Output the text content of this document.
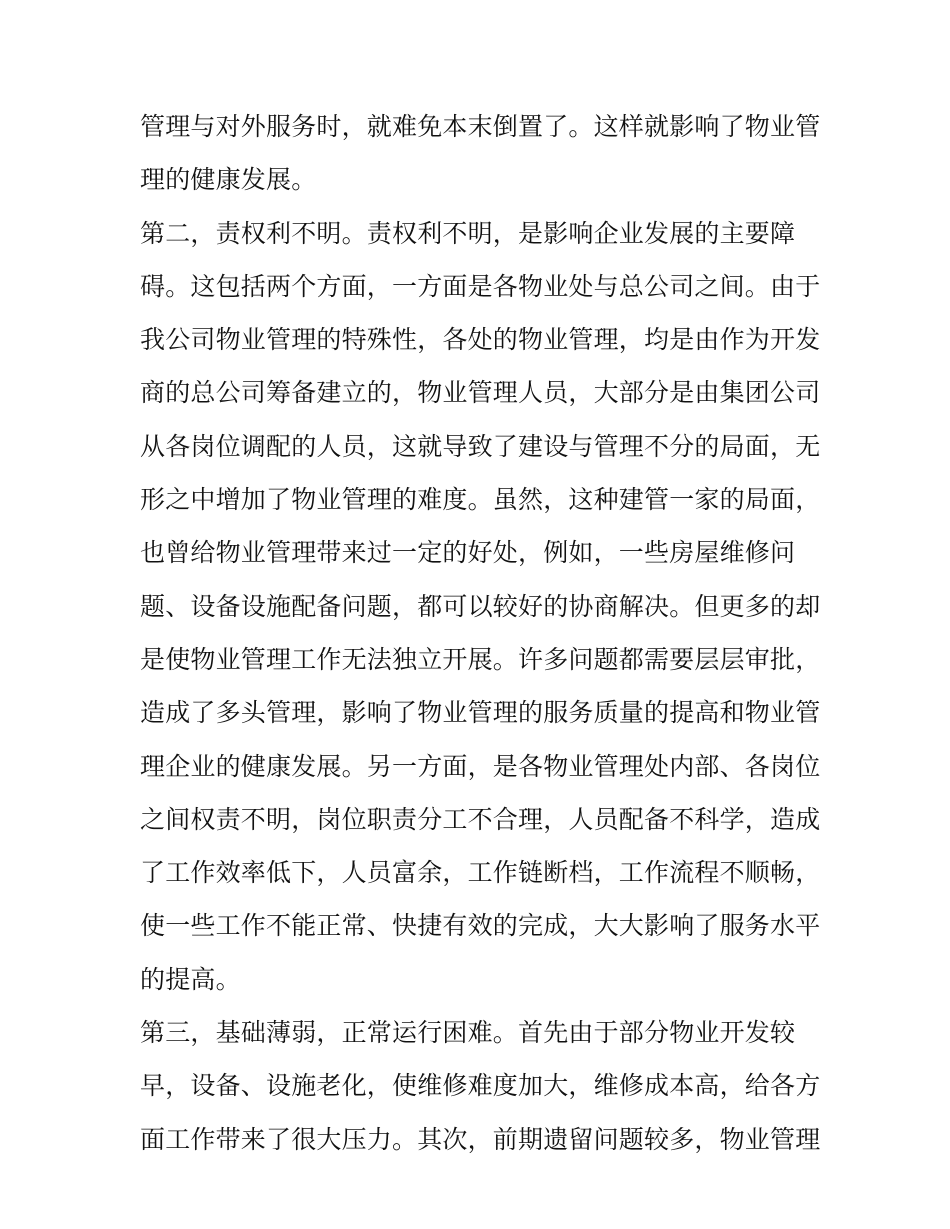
管理与对外服务时，就难免本末倒置了。这样就影响了物业管
理的健康发展。
第二，责权利不明。责权利不明，是影响企业发展的主要障
碍。这包括两个方面，一方面是各物业处与总公司之间。由于
我公司物业管理的特殊性，各处的物业管理，均是由作为开发
商的总公司筹备建立的，物业管理人员，大部分是由集团公司
从各岗位调配的人员，这就导致了建设与管理不分的局面，无
形之中增加了物业管理的难度。虽然，这种建管一家的局面，
也曾给物业管理带来过一定的好处，例如，一些房屋维修问
题、设备设施配备问题，都可以较好的协商解决。但更多的却
是使物业管理工作无法独立开展。许多问题都需要层层审批，
造成了多头管理，影响了物业管理的服务质量的提高和物业管
理企业的健康发展。另一方面，是各物业管理处内部、各岗位
之间权责不明，岗位职责分工不合理，人员配备不科学，造成
了工作效率低下，人员富余，工作链断档，工作流程不顺畅，
使一些工作不能正常、快捷有效的完成，大大影响了服务水平
的提高。
第三，基础薄弱，正常运行困难。首先由于部分物业开发较
早，设备、设施老化，使维修难度加大，维修成本高，给各方
面工作带来了很大压力。其次，前期遗留问题较多，物业管理
